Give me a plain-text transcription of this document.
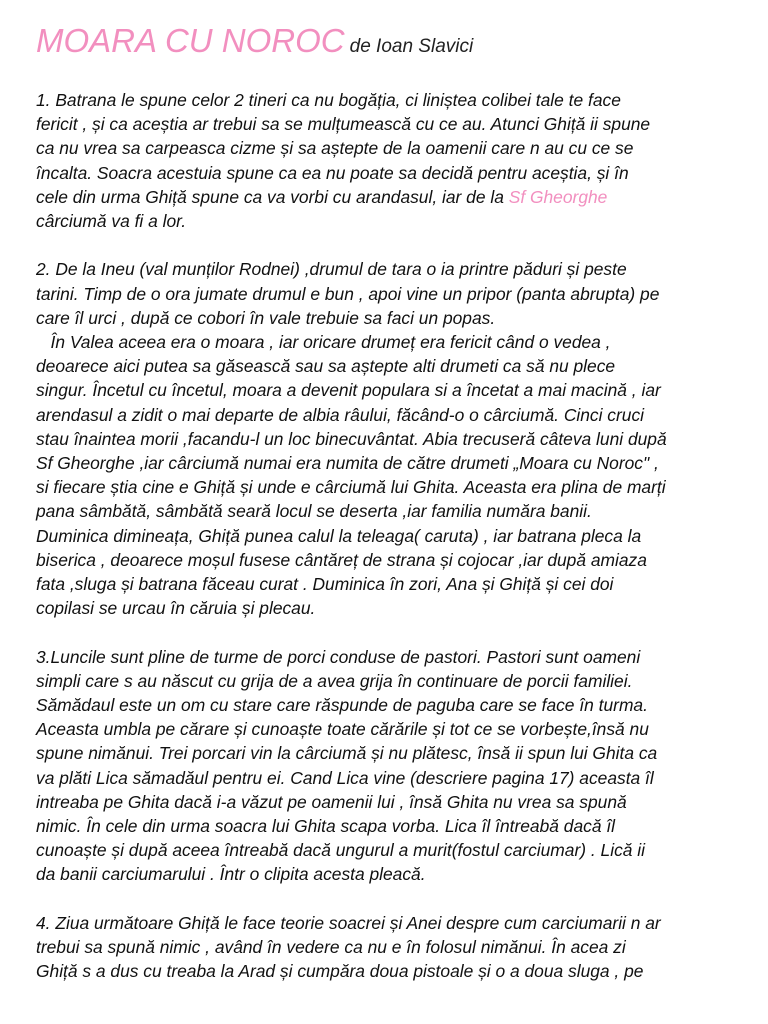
MOARA CU NOROC de Ioan Slavici
1. Batrana le spune celor 2 tineri ca nu bogăția, ci liniștea colibei tale te face
fericit , și ca aceștia ar trebui sa se mulțumească cu ce au. Atunci Ghiță ii spune
ca nu vrea sa carpeasca cizme și sa aștepte de la oamenii care n au cu ce se
încalta. Soacra acestuia spune ca ea nu poate sa decidă pentru aceștia, și în
cele din urma Ghiță spune ca va vorbi cu arandasul, iar de la Sf Gheorghe
cârciumă va fi a lor.
2. De la Ineu (val munților Rodnei) ,drumul de tara o ia printre păduri și peste
tarini. Timp de o ora jumate drumul e bun , apoi vine un pripor (panta abrupta) pe
care îl urci , după ce cobori în vale trebuie sa faci un popas.
În Valea aceea era o moara , iar oricare drumeț era fericit când o vedea ,
deoarece aici putea sa găsească sau sa aștepte alti drumeti ca să nu plece
singur. Încetul cu încetul, moara a devenit populara si a încetat a mai macină , iar
arendasul a zidit o mai departe de albia râului, făcând-o o cârciumă. Cinci cruci
stau înaintea morii ,facandu-l un loc binecuvântat. Abia trecuseră câteva luni după
Sf Gheorghe ,iar cârciumă numai era numita de către drumeti „Moara cu Noroc" ,
si fiecare știa cine e Ghiță și unde e cârciumă lui Ghita. Aceasta era plina de marți
pana sâmbătă, sâmbătă seară locul se deserta ,iar familia număra banii.
Duminica dimineața, Ghiță punea calul la teleaga( caruta) , iar batrana pleca la
biserica , deoarece moșul fusese cântăreț de strana și cojocar ,iar după amiaza
fata ,sluga și batrana făceau curat . Duminica în zori, Ana și Ghiță și cei doi
copilasi se urcau în căruia și plecau.
3.Luncile sunt pline de turme de porci conduse de pastori. Pastori sunt oameni
simpli care s au născut cu grija de a avea grija în continuare de porcii familiei.
Sămădaul este un om cu stare care răspunde de paguba care se face în turma.
Aceasta umbla pe cărare și cunoaște toate cărările și tot ce se vorbește,însă nu
spune nimănui. Trei porcari vin la cârciumă și nu plătesc, însă ii spun lui Ghita ca
va plăti Lica sămadăul pentru ei. Cand Lica vine (descriere pagina 17) aceasta îl
intreaba pe Ghita dacă i-a văzut pe oamenii lui , însă Ghita nu vrea sa spună
nimic. În cele din urma soacra lui Ghita scapa vorba. Lica îl întreabă dacă îl
cunoaște și după aceea întreabă dacă ungurul a murit(fostul carciumar) . Lică ii
da banii carciumarului . Într o clipita acesta pleacă.
4. Ziua următoare Ghiță le face teorie soacrei și Anei despre cum carciumarii n ar
trebui sa spună nimic , având în vedere ca nu e în folosul nimănui. În acea zi
Ghiță s a dus cu treaba la Arad și cumpăra doua pistoale și o a doua sluga , pe
